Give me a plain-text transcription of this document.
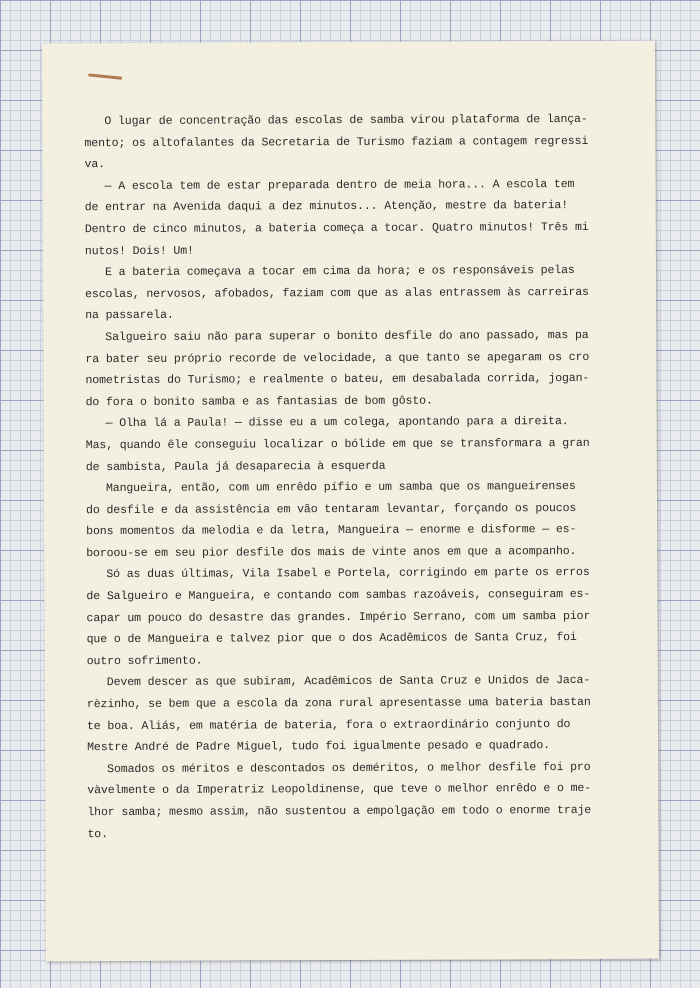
O lugar de concentração das escolas de samba virou plataforma de lança-
mento; os altofalantes da Secretaria de Turismo faziam a contagem regressi
va.
— A escola tem de estar preparada dentro de meia hora... A escola tem
de entrar na Avenida daqui a dez minutos... Atenção, mestre da bateria!
Dentro de cinco minutos, a bateria começa a tocar. Quatro minutos! Três mi
nutos! Dois! Um!
E a bateria começava a tocar em cima da hora; e os responsáveis pelas
escolas, nervosos, afobados, faziam com que as alas entrassem às carreiras
na passarela.
Salgueiro saiu não para superar o bonito desfile do ano passado, mas pa
ra bater seu próprio recorde de velocidade, a que tanto se apegaram os cro
nometristas do Turismo; e realmente o bateu, em desabalada corrida, jogan-
do fora o bonito samba e as fantasias de bom gôsto.
— Olha lá a Paula! — disse eu a um colega, apontando para a direita.
Mas, quando êle conseguiu localizar o bólide em que se transformara a gran
de sambista, Paula já desaparecia à esquerda
Mangueira, então, com um enrêdo pífio e um samba que os mangueirenses
do desfile e da assistência em vão tentaram levantar, forçando os poucos
bons momentos da melodia e da letra, Mangueira — enorme e disforme — es-
boroou-se em seu pior desfile dos mais de vinte anos em que a acompanho.
Só as duas últimas, Vila Isabel e Portela, corrigindo em parte os erros
de Salgueiro e Mangueira, e contando com sambas razoáveis, conseguiram es-
capar um pouco do desastre das grandes. Império Serrano, com um samba pior
que o de Mangueira e talvez pior que o dos Acadêmicos de Santa Cruz, foi
outro sofrimento.
Devem descer as que subiram, Acadêmicos de Santa Cruz e Unidos de Jaca-
rèzinho, se bem que a escola da zona rural apresentasse uma bateria bastan
te boa. Aliás, em matéria de bateria, fora o extraordinário conjunto do
Mestre André de Padre Miguel, tudo foi igualmente pesado e quadrado.
Somados os méritos e descontados os deméritos, o melhor desfile foi pro
vàvelmente o da Imperatriz Leopoldinense, que teve o melhor enrêdo e o me-
lhor samba; mesmo assim, não sustentou a empolgação em todo o enorme traje
to.
